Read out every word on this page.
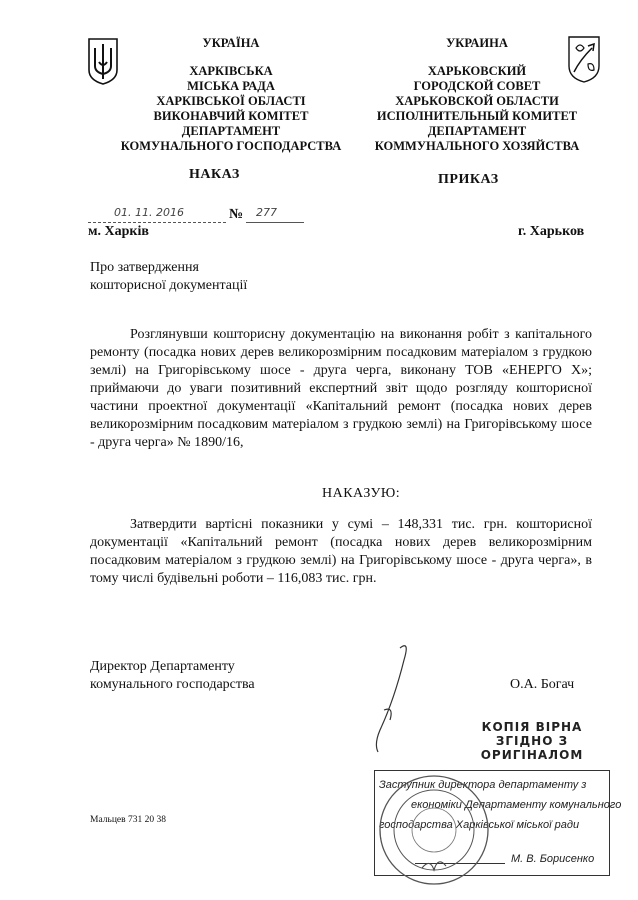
УКРАЇНА
ХАРКІВСЬКА
МІСЬКА РАДА
ХАРКІВСЬКОЇ ОБЛАСТІ
ВИКОНАВЧИЙ КОМІТЕТ
ДЕПАРТАМЕНТ
КОМУНАЛЬНОГО ГОСПОДАРСТВА
УКРАИНА
ХАРЬКОВСКИЙ
ГОРОДСКОЙ СОВЕТ
ХАРЬКОВСКОЙ ОБЛАСТИ
ИСПОЛНИТЕЛЬНЫЙ КОМИТЕТ
ДЕПАРТАМЕНТ
КОММУНАЛЬНОГО ХОЗЯЙСТВА
НАКАЗ	ПРИКАЗ
01. 11. 2016	№ 277
м. Харків	г. Харьков
Про затвердження
кошторисної документації
Розглянувши кошторисну документацію на виконання робіт з капітального ремонту (посадка нових дерев великорозмірним посадковим матеріалом з грудкою землі) на Григорівському шосе - друга черга, виконану ТОВ «ЕНЕРГО Х»; приймаючи до уваги позитивний експертний звіт щодо розгляду кошторисної частини проектної документації «Капітальний ремонт (посадка нових дерев великорозмірним посадковим матеріалом з грудкою землі) на Григорівському шосе - друга черга» № 1890/16,
НАКАЗУЮ:
Затвердити вартісні показники у сумі – 148,331 тис. грн. кошторисної документації «Капітальний ремонт (посадка нових дерев великорозмірним посадковим матеріалом з грудкою землі) на Григорівському шосе - друга черга», в тому числі будівельні роботи – 116,083 тис. грн.
Директор Департаменту
комунального господарства	О.А. Богач
КОПІЯ ВІРНА
ЗГІДНО З
ОРИГІНАЛОМ
Заступник директора департаменту з
економіки Департаменту комунального
господарства Харківської міської ради
М. В. Борисенко
Мальцев 731 20 38
